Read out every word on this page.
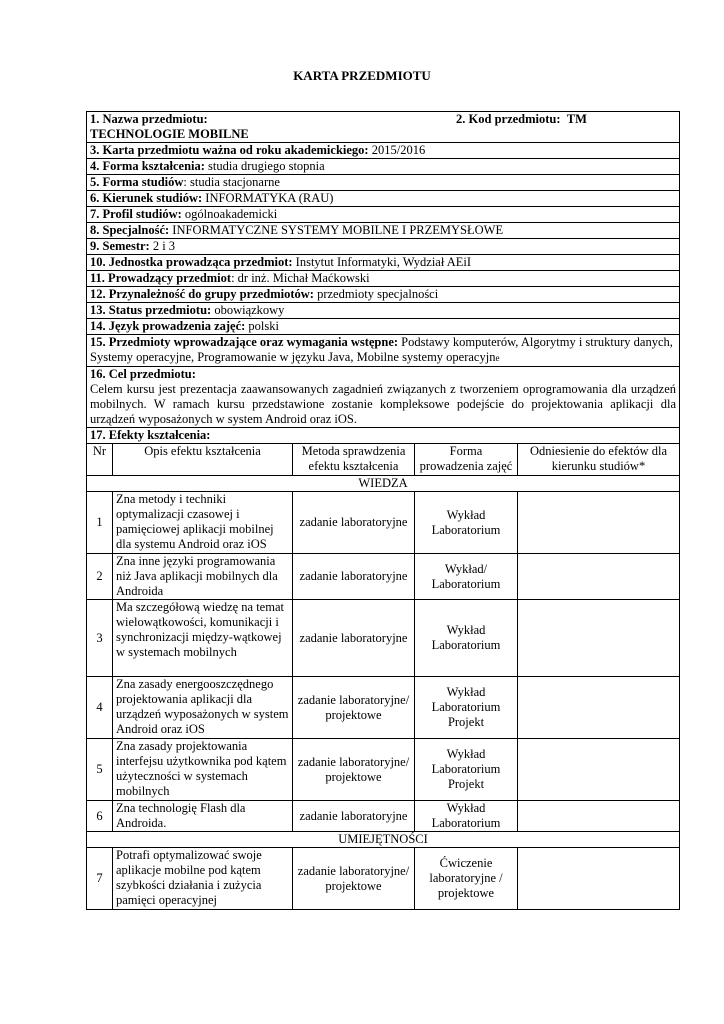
KARTA PRZEDMIOTU
2. Kod przedmiotu: TM
1. Nazwa przedmiotu:
TECHNOLOGIE MOBILNE				
3. Karta przedmiotu ważna od roku akademickiego: 2015/2016				
4. Forma kształcenia: studia drugiego stopnia				
5. Forma studiów: studia stacjonarne				
6. Kierunek studiów: INFORMATYKA (RAU)				
7. Profil studiów: ogólnoakademicki				
8. Specjalność: INFORMATYCZNE SYSTEMY MOBILNE I PRZEMYSŁOWE				
9. Semestr: 2 i 3				
10. Jednostka prowadząca przedmiot: Instytut Informatyki, Wydział AEiI				
11. Prowadzący przedmiot: dr inż. Michał Maćkowski				
12. Przynależność do grupy przedmiotów: przedmioty specjalności				
13. Status przedmiotu: obowiązkowy				
14. Język prowadzenia zajęć: polski				
15. Przedmioty wprowadzające oraz wymagania wstępne: Podstawy komputerów, Algorytmy i struktury danych, Systemy operacyjne, Programowanie w języku Java, Mobilne systemy operacyjne				
16. Cel przedmiotu:
Celem kursu jest prezentacja zaawansowanych zagadnień związanych z tworzeniem oprogramowania dla urządzeń mobilnych. W ramach kursu przedstawione zostanie kompleksowe podejście do projektowania aplikacji dla urządzeń wyposażonych w system Android oraz iOS.				
17. Efekty kształcenia:				
Nr	Opis efektu kształcenia	Metoda sprawdzenia efektu kształcenia	Forma prowadzenia zajęć	Odniesienie do efektów dla kierunku studiów*
WIEDZA				
1	Zna metody i techniki optymalizacji czasowej i pamięciowej aplikacji mobilnej dla systemu Android oraz iOS	zadanie laboratoryjne	Wykład Laboratorium	
2	Zna inne języki programowania niż Java aplikacji mobilnych dla Androida	zadanie laboratoryjne	Wykład/ Laboratorium	
3	Ma szczegółową wiedzę na temat wielowątkowości, komunikacji i synchronizacji między-wątkowej w systemach mobilnych	zadanie laboratoryjne	Wykład Laboratorium	
4	Zna zasady energooszczędnego projektowania aplikacji dla urządzeń wyposażonych w system Android oraz iOS	zadanie laboratoryjne/ projektowe	Wykład Laboratorium Projekt	
5	Zna zasady projektowania interfejsu użytkownika pod kątem użyteczności w systemach mobilnych	zadanie laboratoryjne/ projektowe	Wykład Laboratorium Projekt	
6	Zna technologię Flash dla Androida.	zadanie laboratoryjne	Wykład Laboratorium	
UMIEJĘTNOŚCI				
7	Potrafi optymalizować swoje aplikacje mobilne pod kątem szybkości działania i zużycia pamięci operacyjnej	zadanie laboratoryjne/ projektowe	Ćwiczenie laboratoryjne / projektowe	
